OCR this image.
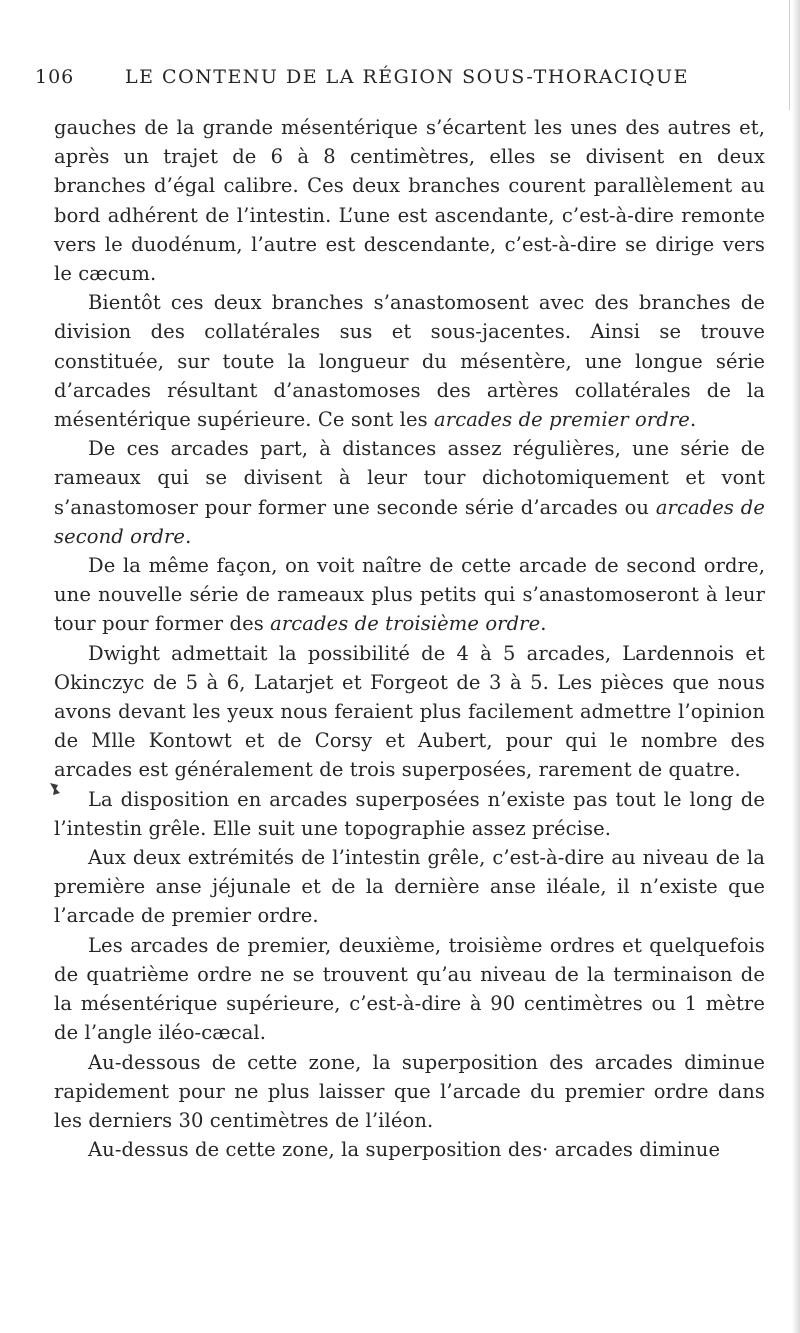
106	LE CONTENU DE LA RÉGION SOUS-THORACIQUE

gauches de la grande mésentérique s’écartent les unes des autres et, après un trajet de 6 à 8 centimètres, elles se divisent en deux branches d’égal calibre. Ces deux branches courent parallèlement au bord adhérent de l’intestin. L’une est ascendante, c’est-à-dire remonte vers le duodénum, l’autre est descendante, c’est-à-dire se dirige vers le cæcum.

Bientôt ces deux branches s’anastomosent avec des branches de division des collatérales sus et sous-jacentes. Ainsi se trouve constituée, sur toute la longueur du mésentère, une longue série d’arcades résultant d’anastomoses des artères collatérales de la mésentérique supérieure. Ce sont les arcades de premier ordre.

De ces arcades part, à distances assez régulières, une série de rameaux qui se divisent à leur tour dichotomiquement et vont s’anastomoser pour former une seconde série d’arcades ou arcades de second ordre.

De la même façon, on voit naître de cette arcade de second ordre, une nouvelle série de rameaux plus petits qui s’anastomoseront à leur tour pour former des arcades de troisième ordre.

Dwight admettait la possibilité de 4 à 5 arcades, Lardennois et Okinczyc de 5 à 6, Latarjet et Forgeot de 3 à 5. Les pièces que nous avons devant les yeux nous feraient plus facilement admettre l’opinion de Mlle Kontowt et de Corsy et Aubert, pour qui le nombre des arcades est généralement de trois superposées, rarement de quatre.

La disposition en arcades superposées n’existe pas tout le long de l’intestin grêle. Elle suit une topographie assez précise.

Aux deux extrémités de l’intestin grêle, c’est-à-dire au niveau de la première anse jéjunale et de la dernière anse iléale, il n’existe que l’arcade de premier ordre.

Les arcades de premier, deuxième, troisième ordres et quelquefois de quatrième ordre ne se trouvent qu’au niveau de la terminaison de la mésentérique supérieure, c’est-à-dire à 90 centimètres ou 1 mètre de l’angle iléo-cæcal.

Au-dessous de cette zone, la superposition des arcades diminue rapidement pour ne plus laisser que l’arcade du premier ordre dans les derniers 30 centimètres de l’iléon.

Au-dessus de cette zone, la superposition des· arcades diminue
